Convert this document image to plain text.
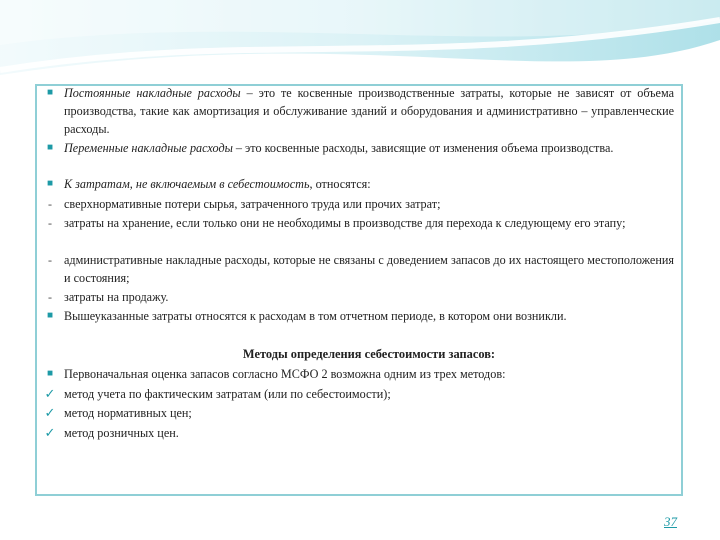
■ Постоянные накладные расходы – это те косвенные производственные затраты, которые не зависят от объема производства, такие как амортизация и обслуживание зданий и оборудования и административно – управленческие расходы.
■ Переменные накладные расходы – это косвенные расходы, зависящие от изменения объема производства.
■ К затратам, не включаемым в себестоимость, относятся:
- сверхнормативные потери сырья, затраченного труда или прочих затрат;
- затраты на хранение, если только они не необходимы в производстве для перехода к следующему его этапу;
- административные накладные расходы, которые не связаны с доведением запасов до их настоящего местоположения и состояния;
- затраты на продажу.
■ Вышеуказанные затраты относятся к расходам в том отчетном периоде, в котором они возникли.
Методы определения себестоимости запасов:
■ Первоначальная оценка запасов согласно МСФО 2 возможна одним из трех методов:
✓ метод учета по фактическим затратам (или по себестоимости);
✓ метод нормативных цен;
✓ метод розничных цен.
37
